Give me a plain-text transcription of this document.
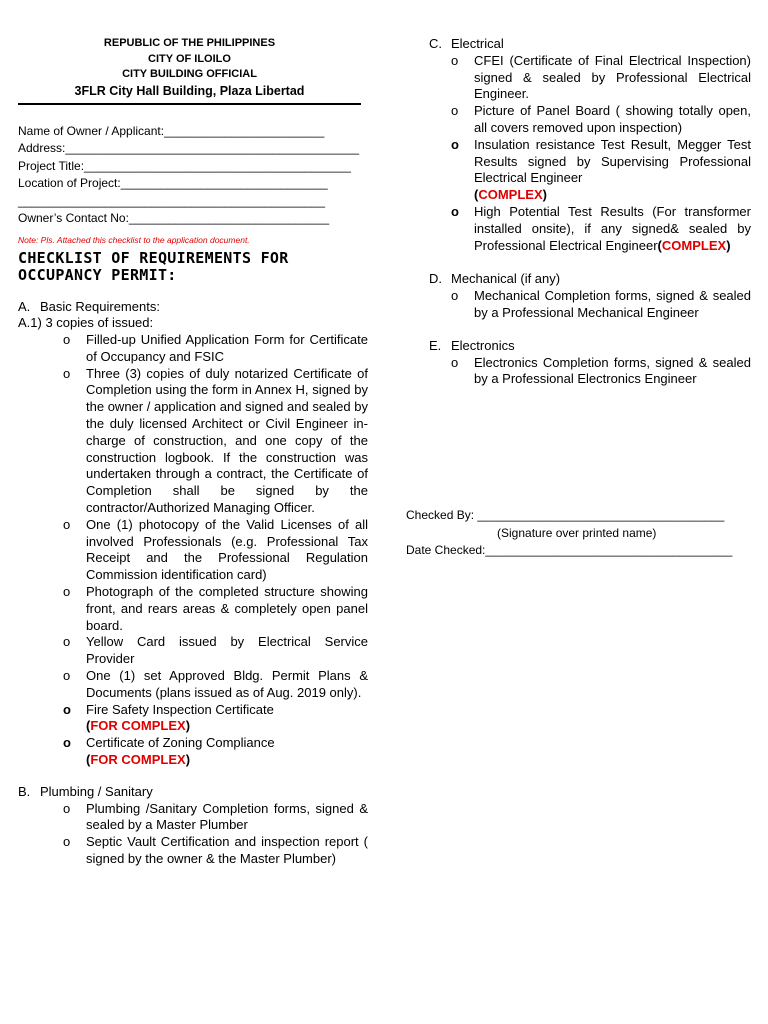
REPUBLIC OF THE PHILIPPINES
CITY OF ILOILO
CITY BUILDING OFFICIAL
3FLR City Hall Building, Plaza Libertad
Name of Owner / Applicant:________________________
Address:____________________________________________
Project Title:________________________________________
Location of Project:_______________________________
______________________________________________
Owner’s Contact No:______________________________
Note: Pls. Attached this checklist to the application document.
CHECKLIST OF REQUIREMENTS FOR
OCCUPANCY PERMIT:
A. Basic Requirements:
A.1) 3 copies of issued:
o Filled-up Unified Application Form for Certificate of Occupancy and FSIC
o Three (3) copies of duly notarized Certificate of Completion using the form in Annex H, signed by the owner / application and signed and sealed by the duly licensed Architect or Civil Engineer in-charge of construction, and one copy of the construction logbook. If the construction was undertaken through a contract, the Certificate of Completion shall be signed by the contractor/Authorized Managing Officer.
o One (1) photocopy of the Valid Licenses of all involved Professionals (e.g. Professional Tax Receipt and the Professional Regulation Commission identification card)
o Photograph of the completed structure showing front, and rears areas & completely open panel board.
o Yellow Card issued by Electrical Service Provider
o One (1) set Approved Bldg. Permit Plans & Documents (plans issued as of Aug. 2019 only).
o Fire Safety Inspection Certificate
(FOR COMPLEX)
o Certificate of Zoning Compliance
(FOR COMPLEX)
B. Plumbing / Sanitary
o Plumbing /Sanitary Completion forms, signed & sealed by a Master Plumber
o Septic Vault Certification and inspection report ( signed by the owner & the Master Plumber)
C. Electrical
o CFEI (Certificate of Final Electrical Inspection) signed & sealed by Professional Electrical Engineer.
o Picture of Panel Board ( showing totally open, all covers removed upon inspection)
o Insulation resistance Test Result, Megger Test Results signed by Supervising Professional Electrical Engineer
(COMPLEX)
o High Potential Test Results (For transformer installed onsite), if any signed& sealed by Professional Electrical Engineer(COMPLEX)
D. Mechanical (if any)
o Mechanical Completion forms, signed & sealed by a Professional Mechanical Engineer
E. Electronics
o Electronics Completion forms, signed & sealed by a Professional Electronics Engineer
Checked By: _____________________________________
(Signature over printed name)
Date Checked:_____________________________________
